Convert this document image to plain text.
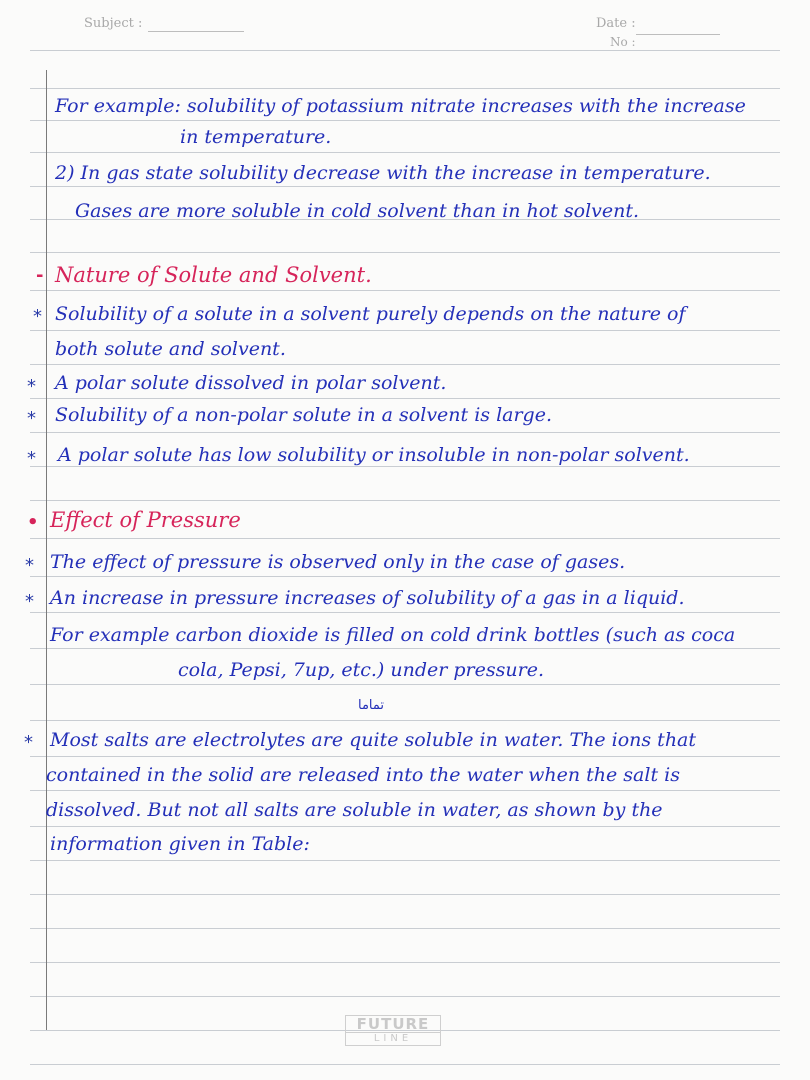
Subject :	Date :
No :
For example: solubility of potassium nitrate increases with the increase
in temperature.
2) In gas state solubility decrease with the increase in temperature.
Gases are more soluble in cold solvent than in hot solvent.
- Nature of Solute and Solvent.
* Solubility of a solute in a solvent purely depends on the nature of
both solute and solvent.
* A polar solute dissolved in polar solvent.
* Solubility of a non-polar solute in a solvent is large.
* A polar solute has low solubility or insoluble in non-polar solvent.
• Effect of Pressure
* The effect of pressure is observed only in the case of gases.
* An increase in pressure increases of solubility of a gas in a liquid.
For example carbon dioxide is filled on cold drink bottles (such as coca
cola, Pepsi, 7up, etc.) under pressure.
تماما
* Most salts are electrolytes are quite soluble in water. The ions that
contained in the solid are released into the water when the salt is
dissolved. But not all salts are soluble in water, as shown by the
information given in Table:
FUTURE
LINE
